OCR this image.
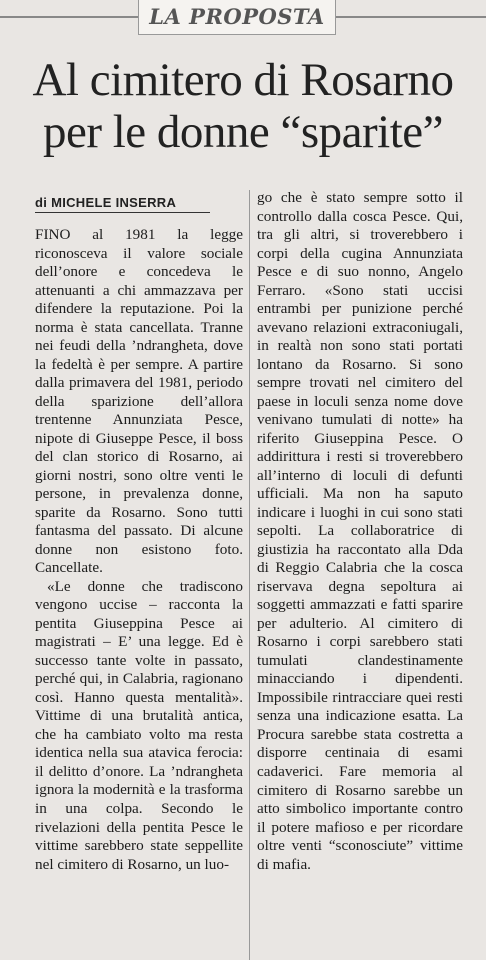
LA PROPOSTA
Al cimitero di Rosarno
per le donne “sparite”
di MICHELE INSERRA

FINO al 1981 la legge riconosceva il valore sociale dell’onore e concedeva le attenuanti a chi ammazzava per difendere la reputazione. Poi la norma è stata cancellata. Tranne nei feudi della ’ndrangheta, dove la fedeltà è per sempre. A partire dalla primavera del 1981, periodo della sparizione dell’allora trentenne Annunziata Pesce, nipote di Giuseppe Pesce, il boss del clan storico di Rosarno, ai giorni nostri, sono oltre venti le persone, in prevalenza donne, sparite da Rosarno. Sono tutti fantasma del passato. Di alcune donne non esistono foto. Cancellate.

«Le donne che tradiscono vengono uccise – racconta la pentita Giuseppina Pesce ai magistrati – E’ una legge. Ed è successo tante volte in passato, perché qui, in Calabria, ragionano così. Hanno questa mentalità». Vittime di una brutalità antica, che ha cambiato volto ma resta identica nella sua atavica ferocia: il delitto d’onore. La ’ndrangheta ignora la modernità e la trasforma in una colpa. Secondo le rivelazioni della pentita Pesce le vittime sarebbero state seppellite nel cimitero di Rosarno, un luo-

go che è stato sempre sotto il controllo dalla cosca Pesce. Qui, tra gli altri, si troverebbero i corpi della cugina Annunziata Pesce e di suo nonno, Angelo Ferraro. «Sono stati uccisi entrambi per punizione perché avevano relazioni extraconiugali, in realtà non sono stati portati lontano da Rosarno. Si sono sempre trovati nel cimitero del paese in loculi senza nome dove venivano tumulati di notte» ha riferito Giuseppina Pesce. O addirittura i resti si troverebbero all’interno di loculi di defunti ufficiali. Ma non ha saputo indicare i luoghi in cui sono stati sepolti. La collaboratrice di giustizia ha raccontato alla Dda di Reggio Calabria che la cosca riservava degna sepoltura ai soggetti ammazzati e fatti sparire per adulterio. Al cimitero di Rosarno i corpi sarebbero stati tumulati clandestinamente minacciando i dipendenti. Impossibile rintracciare quei resti senza una indicazione esatta. La Procura sarebbe stata costretta a disporre centinaia di esami cadaverici. Fare memoria al cimitero di Rosarno sarebbe un atto simbolico importante contro il potere mafioso e per ricordare oltre venti “sconosciute” vittime di mafia.
